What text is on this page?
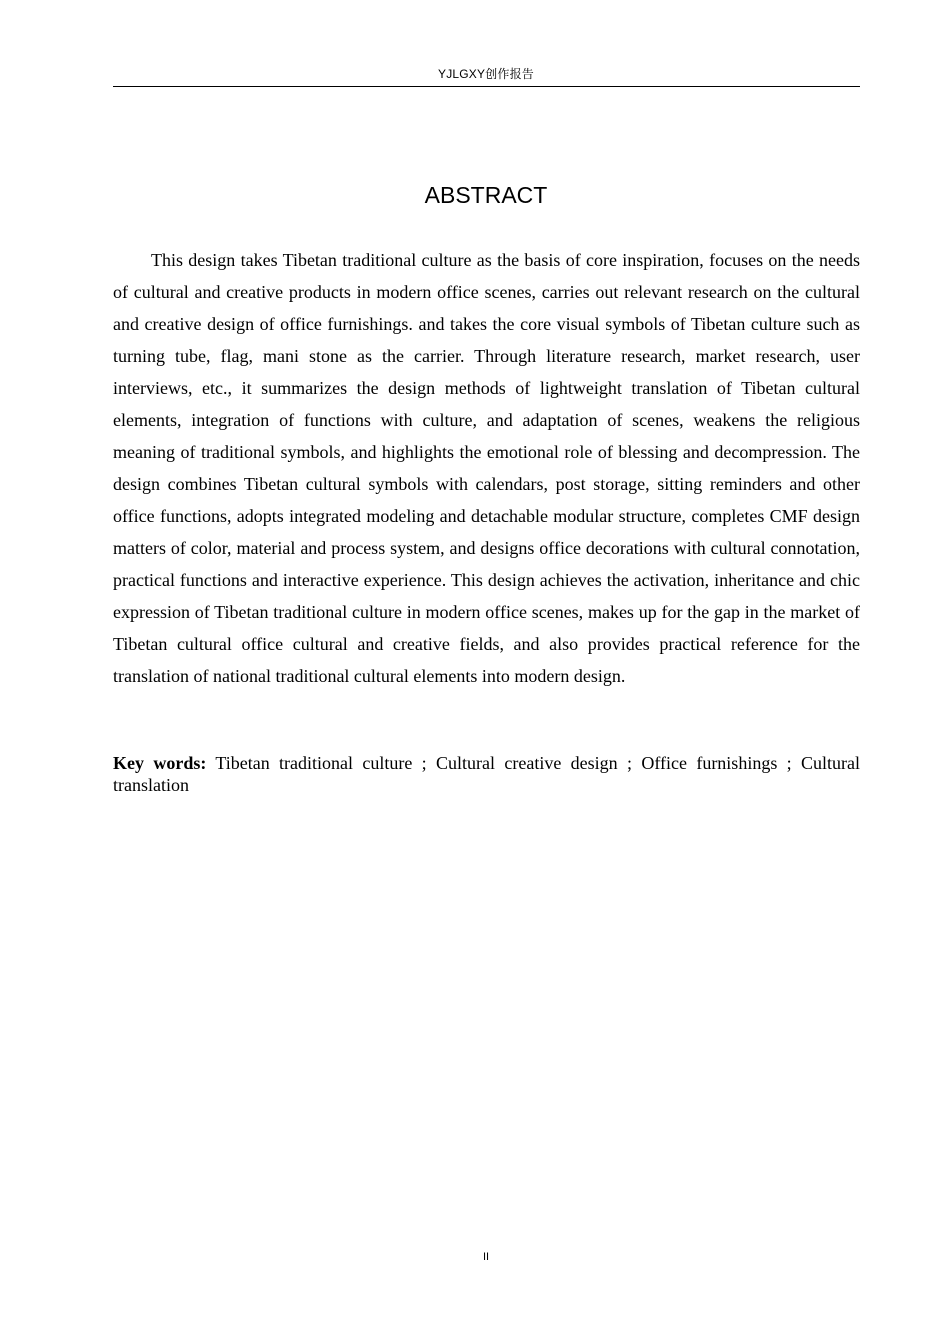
YJLGXY创作报告
ABSTRACT

This design takes Tibetan traditional culture as the basis of core inspiration, focuses on the needs of cultural and creative products in modern office scenes, carries out relevant research on the cultural and creative design of office furnishings. and takes the core visual symbols of Tibetan culture such as turning tube, flag, mani stone as the carrier. Through literature research, market research, user interviews, etc., it summarizes the design methods of lightweight translation of Tibetan cultural elements, integration of functions with culture, and adaptation of scenes, weakens the religious meaning of traditional symbols, and highlights the emotional role of blessing and decompression. The design combines Tibetan cultural symbols with calendars, post storage, sitting reminders and other office functions, adopts integrated modeling and detachable modular structure, completes CMF design matters of color, material and process system, and designs office decorations with cultural connotation, practical functions and interactive experience. This design achieves the activation, inheritance and chic expression of Tibetan traditional culture in modern office scenes, makes up for the gap in the market of Tibetan cultural office cultural and creative fields, and also provides practical reference for the translation of national traditional cultural elements into modern design.

Key words: Tibetan traditional culture ; Cultural creative design ; Office furnishings ; Cultural translation

II
